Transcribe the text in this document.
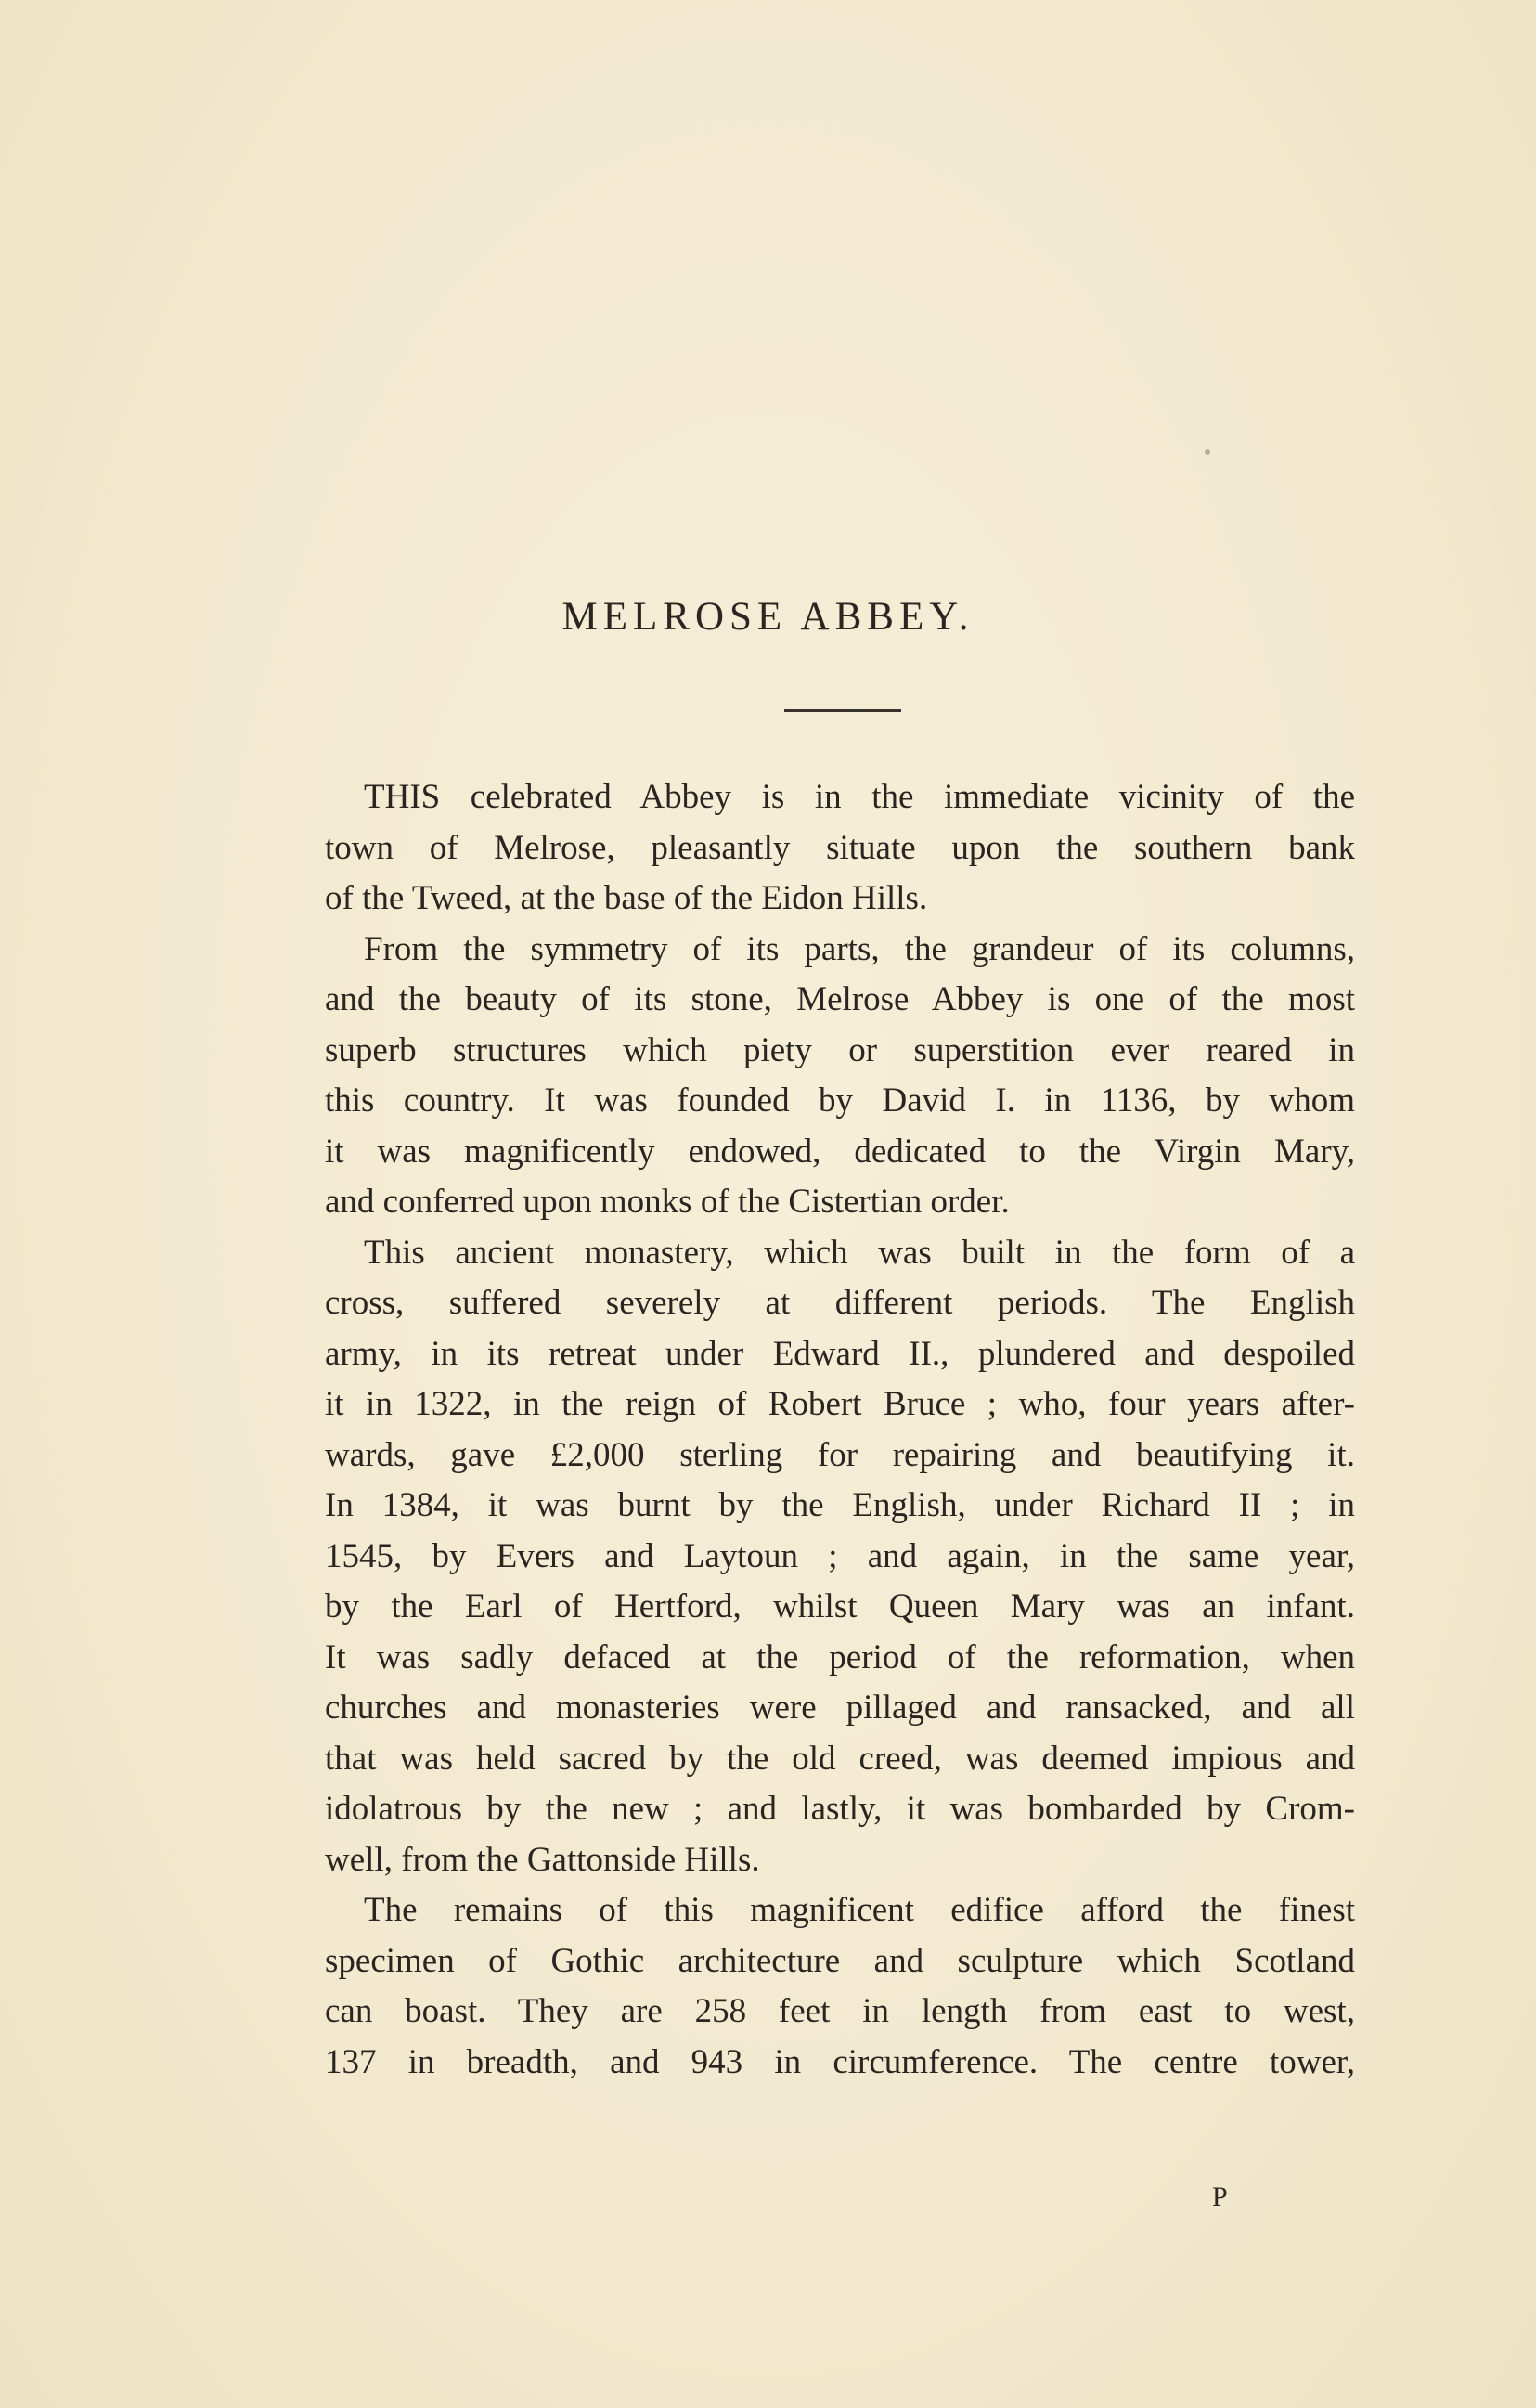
MELROSE ABBEY.
THIS celebrated Abbey is in the immediate vicinity of the
town of Melrose, pleasantly situate upon the southern bank
of the Tweed, at the base of the Eidon Hills.
From the symmetry of its parts, the grandeur of its columns,
and the beauty of its stone, Melrose Abbey is one of the most
superb structures which piety or superstition ever reared in
this country. It was founded by David I. in 1136, by whom
it was magnificently endowed, dedicated to the Virgin Mary,
and conferred upon monks of the Cistertian order.
This ancient monastery, which was built in the form of a
cross, suffered severely at different periods. The English
army, in its retreat under Edward II., plundered and despoiled
it in 1322, in the reign of Robert Bruce ; who, four years after-
wards, gave £2,000 sterling for repairing and beautifying it.
In 1384, it was burnt by the English, under Richard II ; in
1545, by Evers and Laytoun ; and again, in the same year,
by the Earl of Hertford, whilst Queen Mary was an infant.
It was sadly defaced at the period of the reformation, when
churches and monasteries were pillaged and ransacked, and all
that was held sacred by the old creed, was deemed impious and
idolatrous by the new ; and lastly, it was bombarded by Crom-
well, from the Gattonside Hills.
The remains of this magnificent edifice afford the finest
specimen of Gothic architecture and sculpture which Scotland
can boast. They are 258 feet in length from east to west,
137 in breadth, and 943 in circumference. The centre tower,
P
